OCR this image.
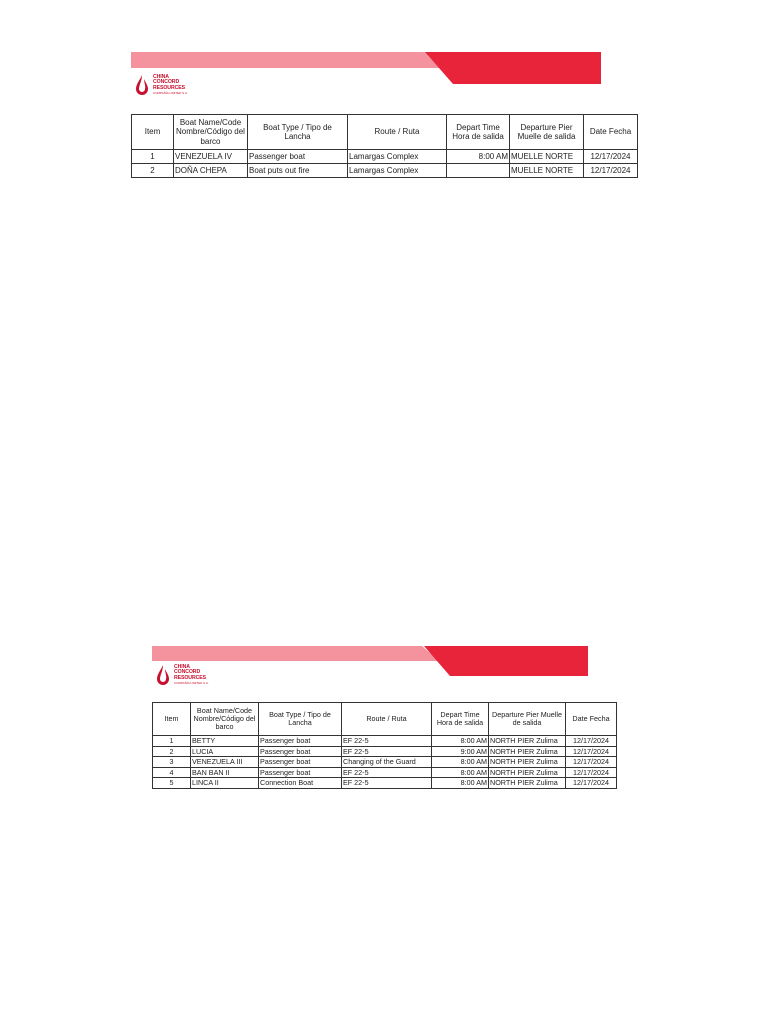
CHINA
CONCORD
RESOURCES
COMPAÑÍA LIMITED S.A.
Item	Boat Name/Code Nombre/Código del barco	Boat Type / Tipo de Lancha	Route / Ruta	Depart Time Hora de salida	Departure Pier Muelle de salida	Date Fecha
1	VENEZUELA IV	Passenger boat	Lamargas Complex	8:00 AM	MUELLE NORTE	12/17/2024
2	DOÑA CHEPA	Boat puts out fire	Lamargas Complex		MUELLE NORTE	12/17/2024
CHINA
CONCORD
RESOURCES
COMPAÑÍA LIMITED S.A.
Item	Boat Name/Code Nombre/Código del barco	Boat Type / Tipo de Lancha	Route / Ruta	Depart Time Hora de salida	Departure Pier Muelle de salida	Date Fecha
1	BETTY	Passenger boat	EF 22-5	8:00 AM	NORTH PIER Zulima	12/17/2024
2	LUCIA	Passenger boat	EF 22-5	9:00 AM	NORTH PIER Zulima	12/17/2024
3	VENEZUELA III	Passenger boat	Changing of the Guard	8:00 AM	NORTH PIER Zulima	12/17/2024
4	BAN BAN II	Passenger boat	EF 22-5	8:00 AM	NORTH PIER Zulima	12/17/2024
5	LINCA II	Connection Boat	EF 22-5	8:00 AM	NORTH PIER Zulima	12/17/2024
